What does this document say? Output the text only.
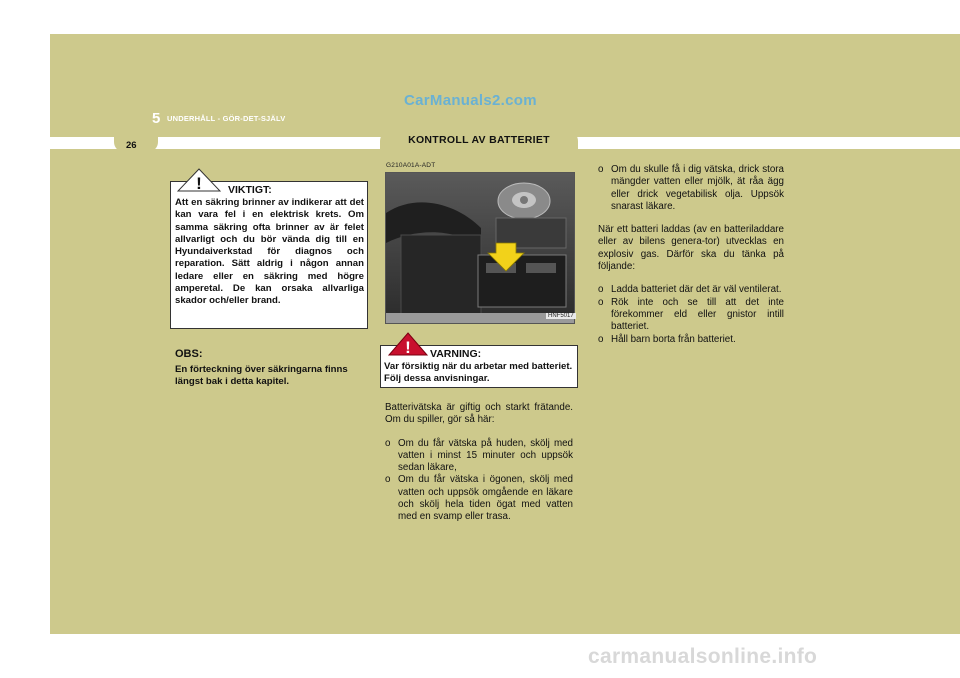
CarManuals2.com
5 UNDERHÅLL - GÖR-DET-SJÄLV
26	KONTROLL AV BATTERIET
! VIKTIGT:
Att en säkring brinner av indikerar att det kan vara fel i en elektrisk krets. Om samma säkring ofta brinner av är felet allvarligt och du bör vända dig till en Hyundaiverkstad för diagnos och reparation. Sätt aldrig i någon annan ledare eller en säkring med högre amperetal. De kan orsaka allvarliga skador och/eller brand.
OBS:
En förteckning över säkringarna finns längst bak i detta kapitel.
G210A01A-ADT
HNF5017
! VARNING:
Var försiktig när du arbetar med batteriet. Följ dessa anvisningar.

Batterivätska är giftig och starkt frätande. Om du spiller, gör så här:

o Om du får vätska på huden, skölj med vatten i minst 15 minuter och uppsök sedan läkare,
o Om du får vätska i ögonen, skölj med vatten och uppsök omgående en läkare och skölj hela tiden ögat med vatten med en svamp eller trasa.
o Om du skulle få i dig vätska, drick stora mängder vatten eller mjölk, ät råa ägg eller drick vegetabilisk olja. Uppsök snarast läkare.

När ett batteri laddas (av en batteriladdare eller av bilens genera-tor) utvecklas en explosiv gas. Därför ska du tänka på följande:

o Ladda batteriet där det är väl ventilerat.
o Rök inte och se till att det inte förekommer eld eller gnistor intill batteriet.
o Håll barn borta från batteriet.
carmanualsonline.info
